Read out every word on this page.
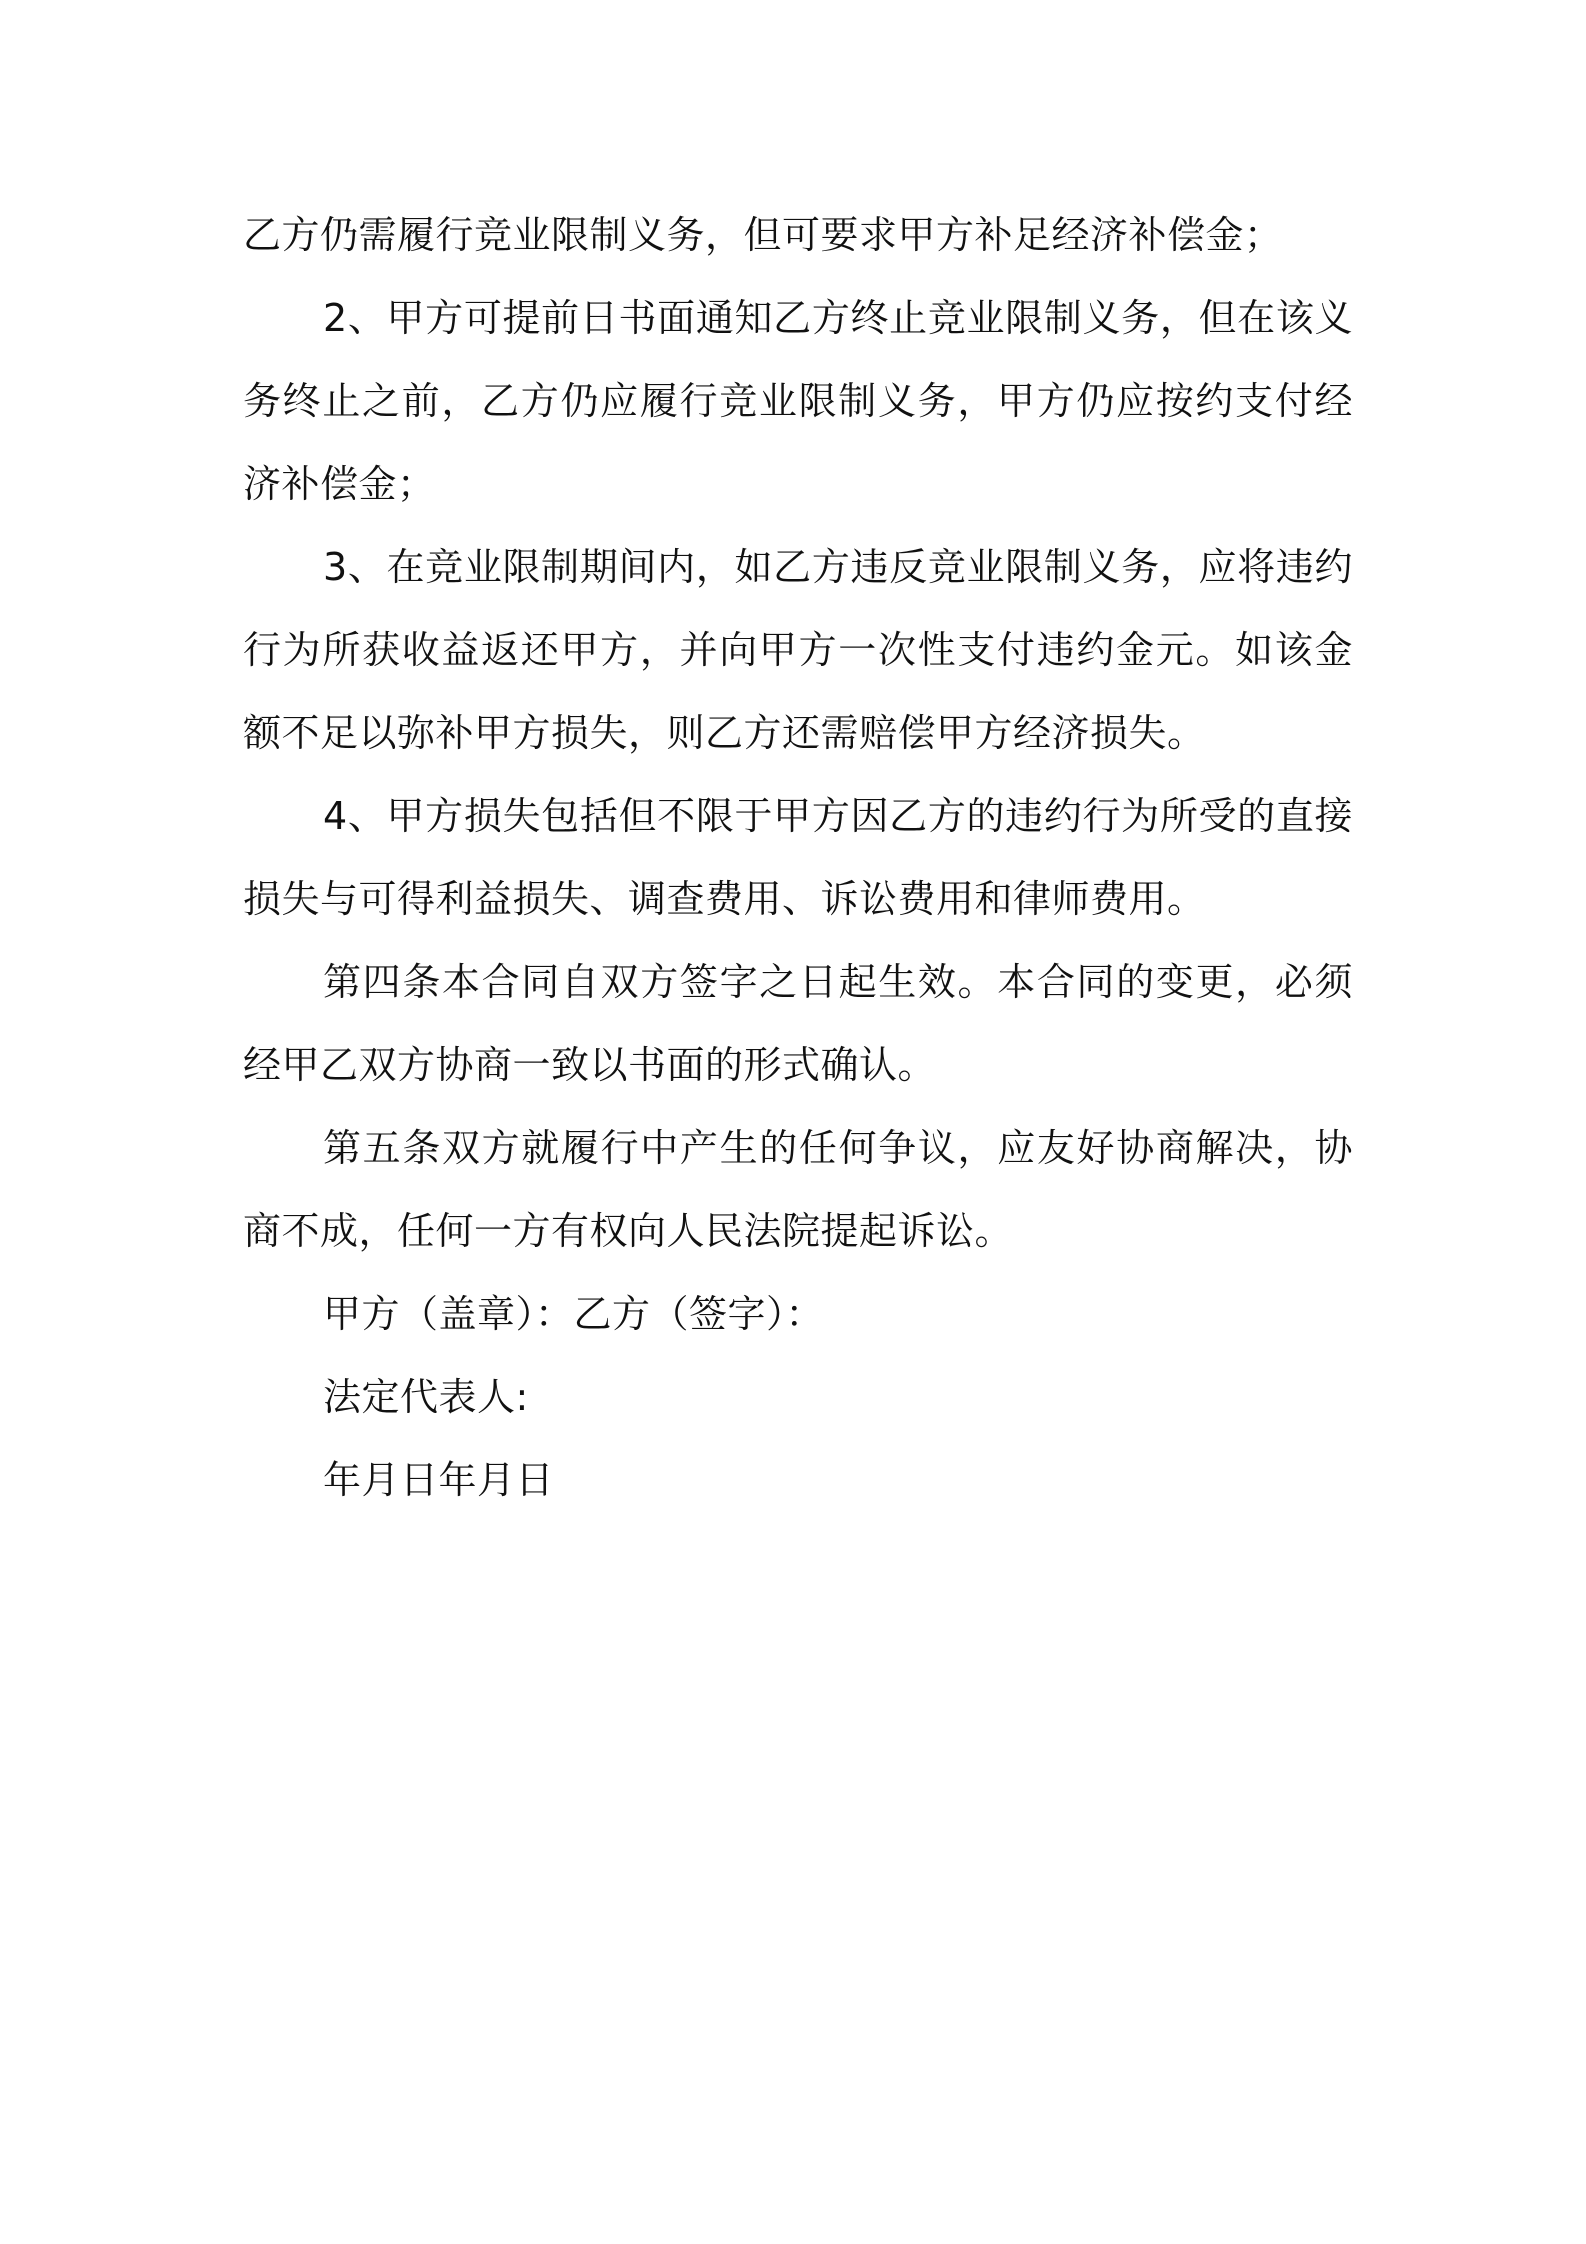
乙方仍需履行竞业限制义务，但可要求甲方补足经济补偿金；

2、甲方可提前日书面通知乙方终止竞业限制义务，但在该义务终止之前，乙方仍应履行竞业限制义务，甲方仍应按约支付经济补偿金；

3、在竞业限制期间内，如乙方违反竞业限制义务，应将违约行为所获收益返还甲方，并向甲方一次性支付违约金元。如该金额不足以弥补甲方损失，则乙方还需赔偿甲方经济损失。

4、甲方损失包括但不限于甲方因乙方的违约行为所受的直接损失与可得利益损失、调查费用、诉讼费用和律师费用。

第四条本合同自双方签字之日起生效。本合同的变更，必须经甲乙双方协商一致以书面的形式确认。

第五条双方就履行中产生的任何争议，应友好协商解决，协商不成，任何一方有权向人民法院提起诉讼。

甲方（盖章）：乙方（签字）：

法定代表人:

年月日年月日
